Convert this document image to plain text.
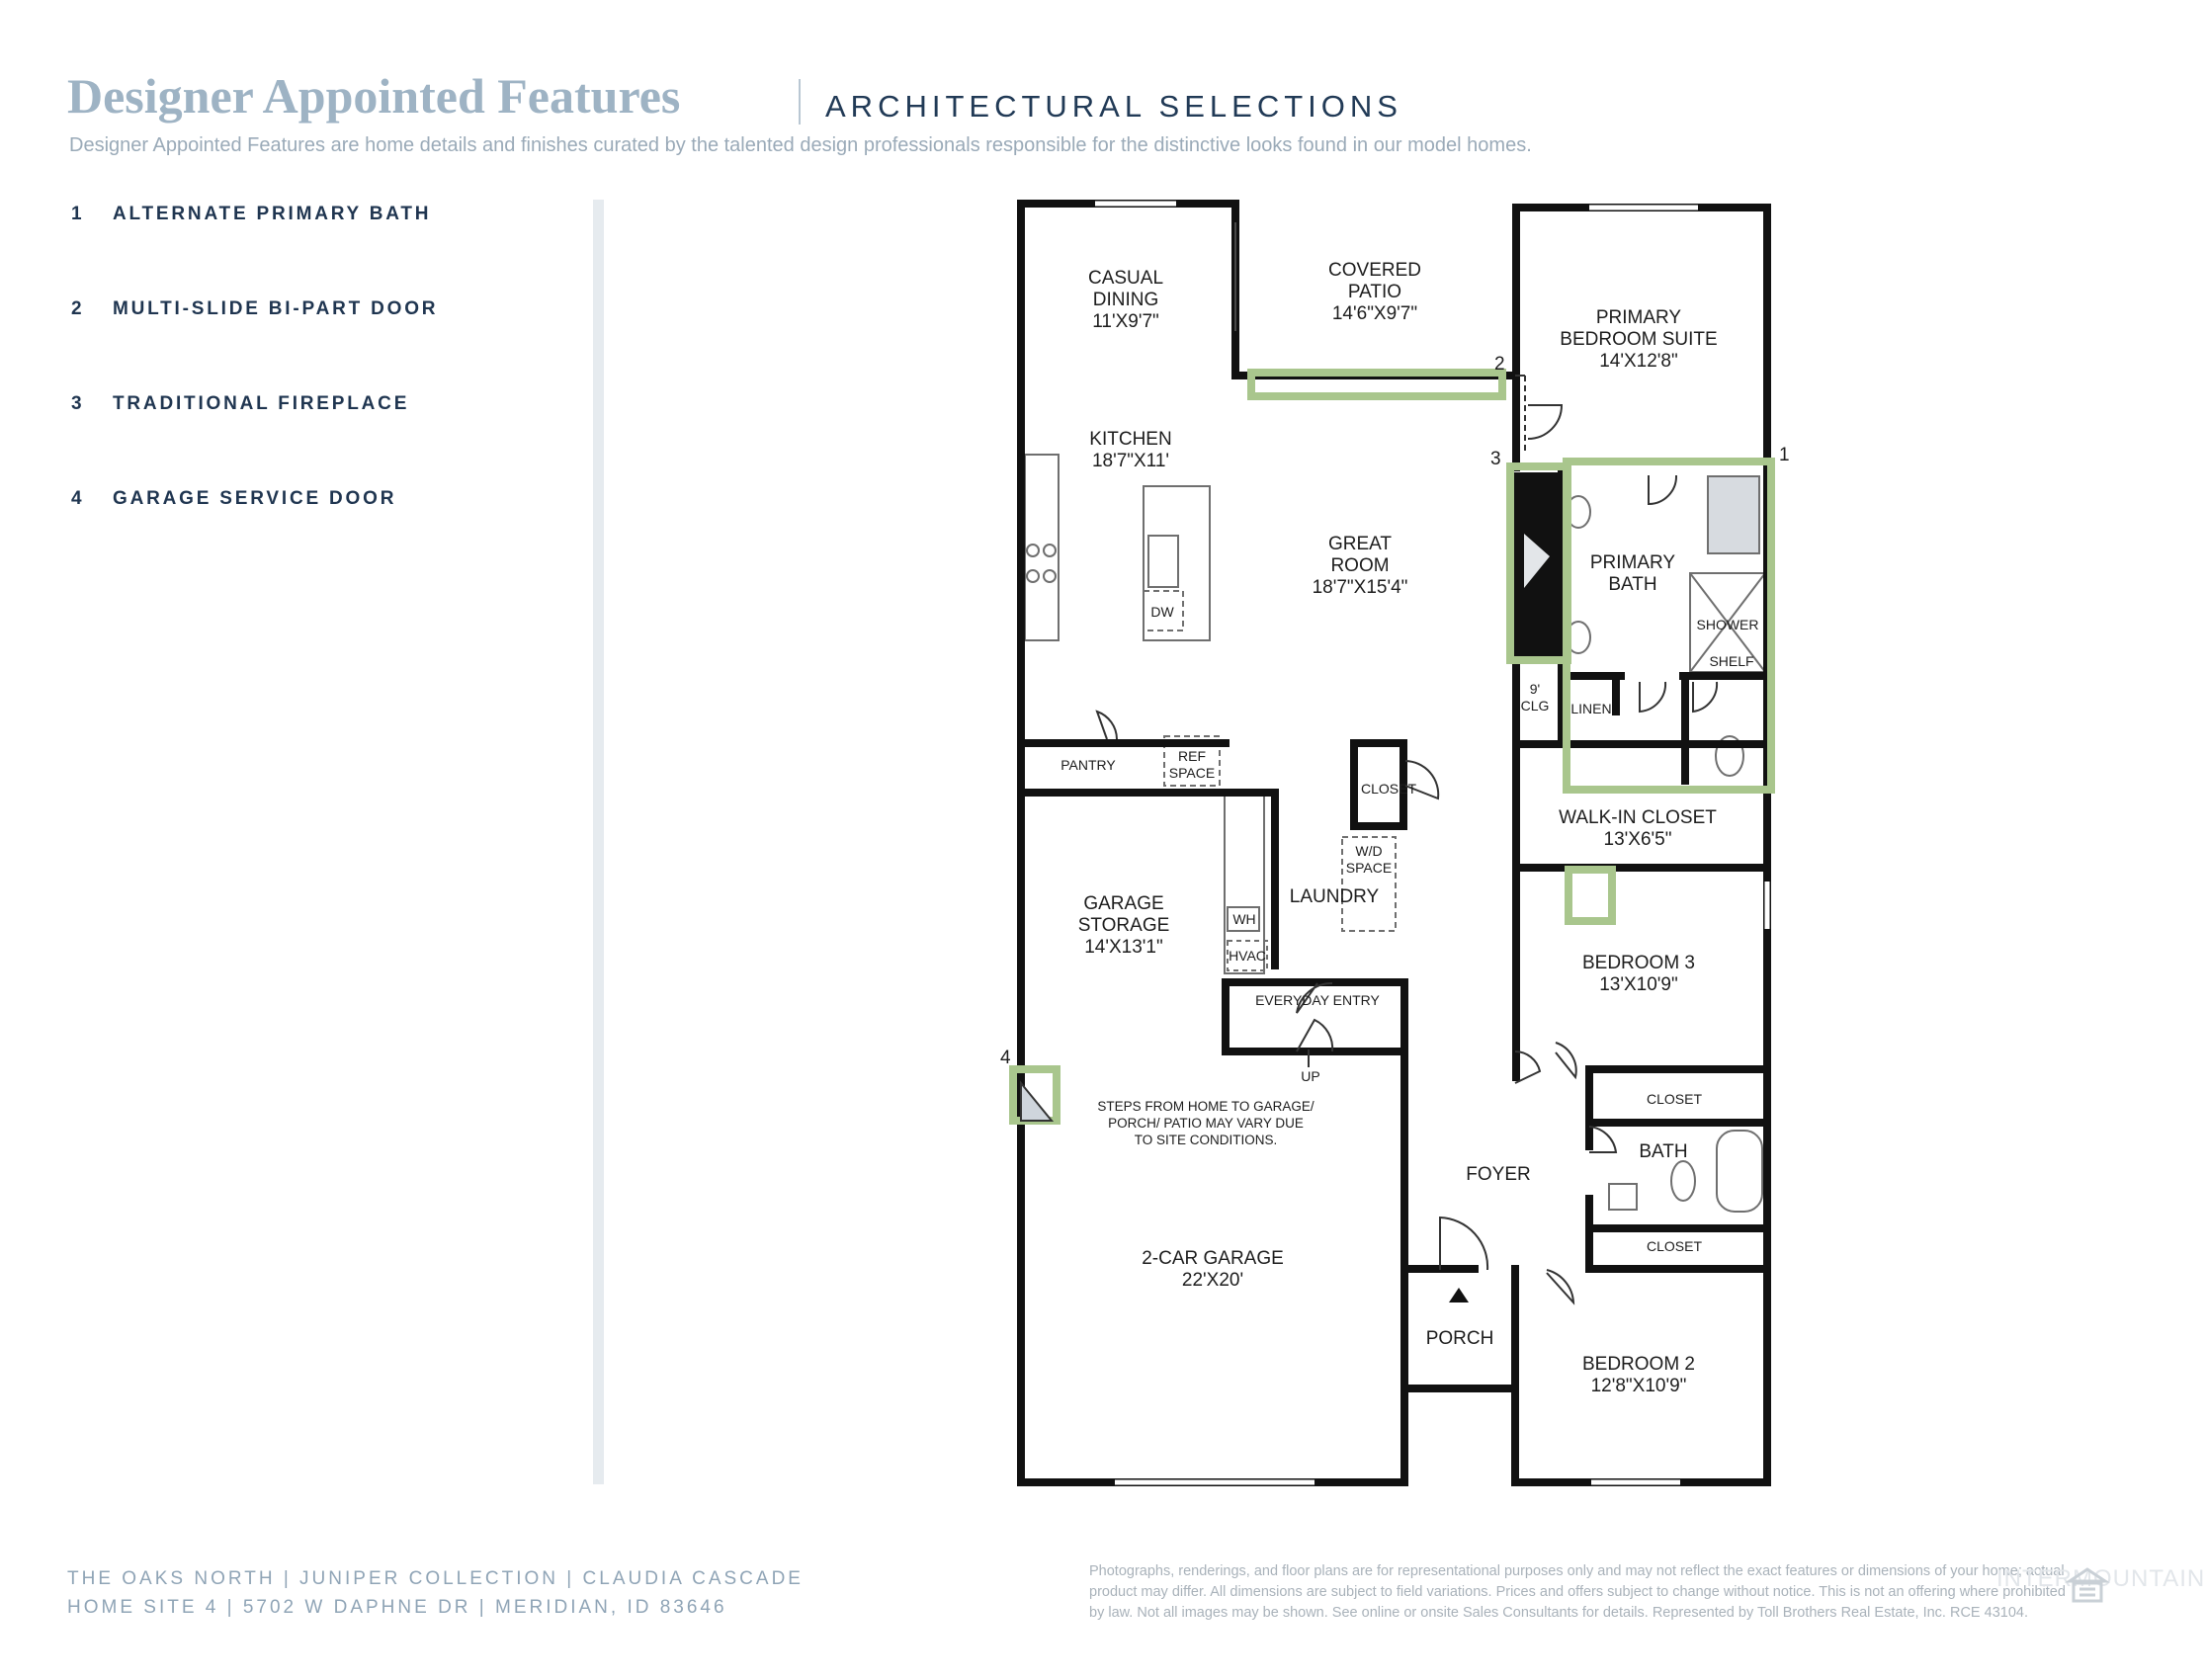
Designer Appointed Features	ARCHITECTURAL SELECTIONS
Designer Appointed Features are home details and finishes curated by the talented design professionals responsible for the distinctive looks found in our model homes.
1 ALTERNATE PRIMARY BATH
2 MULTI-SLIDE BI-PART DOOR
3 TRADITIONAL FIREPLACE
4 GARAGE SERVICE DOOR
1
2
3
4
CASUAL
DINING
11'X9'7"
COVERED
PATIO
14'6"X9'7"	PRIMARY
BEDROOM SUITE
14'X12'8"
KITCHEN
18'7"X11'
GREAT
ROOM
18'7"X15'4"
PRIMARY
BATH
WALK-IN CLOSET
13'X6'5"
GARAGE
STORAGE
14'X13'1"
LAUNDRY
BEDROOM 3
13'X10'9"
FOYER
BATH
2-CAR GARAGE
22'X20'
PORCH
BEDROOM 2
12'8"X10'9"
DW
PANTRY
REF
SPACE
CLOSET
W/D
SPACE
WH
HVAC
EVERYDAY ENTRY
UP
SHOWER
SHELF
LINEN
9'
CLG
CLOSET
CLOSET
STEPS FROM HOME TO GARAGE/
PORCH/ PATIO MAY VARY DUE
TO SITE CONDITIONS.
THE OAKS NORTH | JUNIPER COLLECTION | CLAUDIA CASCADE
HOME SITE 4 | 5702 W DAPHNE DR | MERIDIAN, ID 83646

Photographs, renderings, and floor plans are for representational purposes only and may not reflect the exact features or dimensions of your home; actual product may differ. All dimensions are subject to field variations. Prices and offers subject to change without notice. This is not an offering where prohibited by law. Not all images may be shown. See online or onsite Sales Consultants for details. Represented by Toll Brothers Real Estate, Inc. RCE 43104.

INTERMOUNTAIN
